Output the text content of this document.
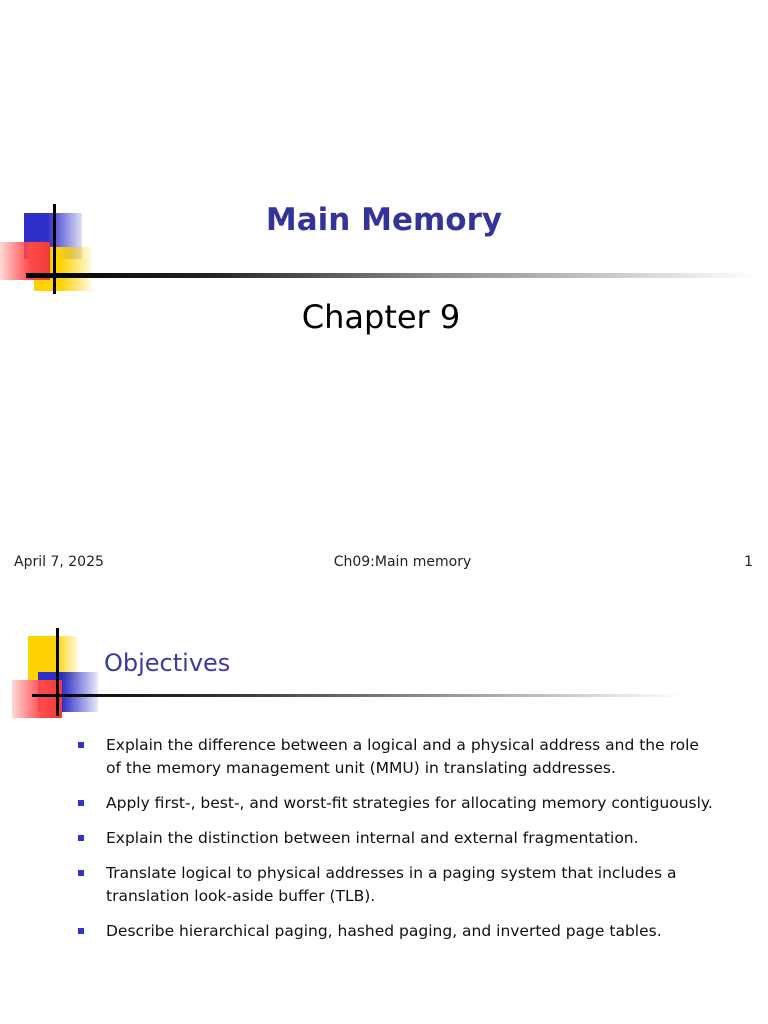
Main Memory
Chapter 9
April 7, 2025	Ch09:Main memory	1
Objectives
Explain the difference between a logical and a physical address and the role of the memory management unit (MMU) in translating addresses.
Apply first-, best-, and worst-fit strategies for allocating memory contiguously.
Explain the distinction between internal and external fragmentation.
Translate logical to physical addresses in a paging system that includes a translation look-aside buffer (TLB).
Describe hierarchical paging, hashed paging, and inverted page tables.
